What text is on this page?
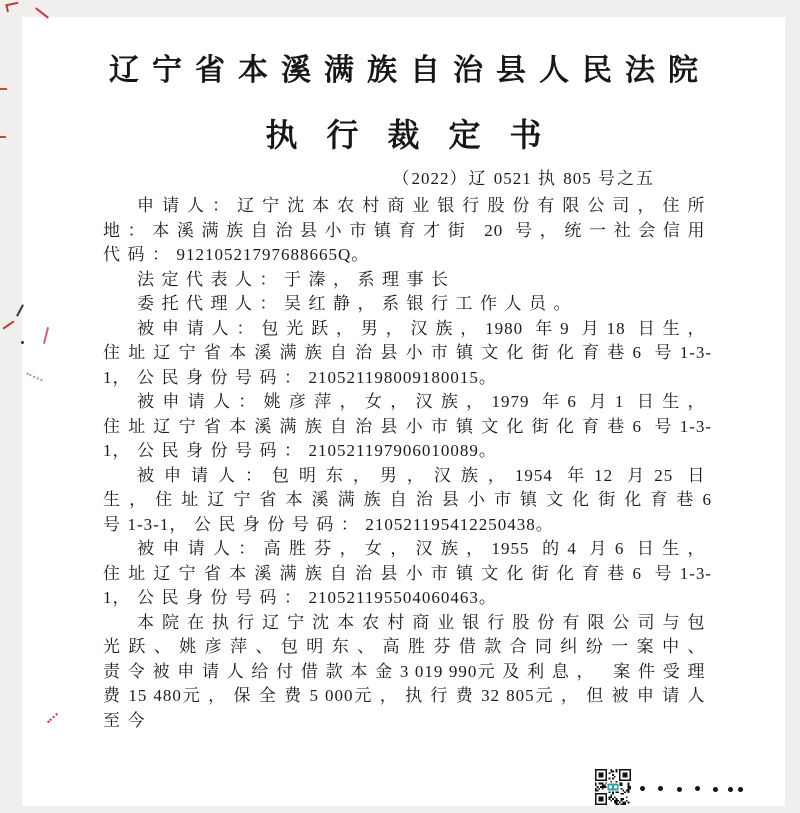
辽宁省本溪满族自治县人民法院
执行裁定书
（2022）辽 0521 执 805 号之五

申请人：辽宁沈本农村商业银行股份有限公司，住所地：本溪满族自治县小市镇育才街 20 号，统一社会信用代码：91210521797688665Q。

法定代表人：于溱，系理事长

委托代理人：吴红静，系银行工作人员。

被申请人：包光跃，男，汉族，1980 年9 月18 日生，住址辽宁省本溪满族自治县小市镇文化街化育巷6 号1-3-1，公民身份号码：210521198009180015。

被申请人：姚彦萍，女，汉族，1979 年6 月1 日生，住址辽宁省本溪满族自治县小市镇文化街化育巷6 号1-3-1，公民身份号码：210521197906010089。

被申请人：包明东，男，汉族，1954 年12 月25 日生，住址辽宁省本溪满族自治县小市镇文化街化育巷6 号1-3-1，公民身份号码：210521195412250438。

被申请人：高胜芬，女，汉族，1955 的4 月6 日生，住址辽宁省本溪满族自治县小市镇文化街化育巷6 号1-3-1，公民身份号码：210521195504060463。

本院在执行辽宁沈本农村商业银行股份有限公司与包光跃、姚彦萍、包明东、高胜芬借款合同纠纷一案中、责令被申请人给付借款本金3 019 990元及利息， 案件受理费15 480元，保全费5 000元，执行费32 805元，但被申请人至今
